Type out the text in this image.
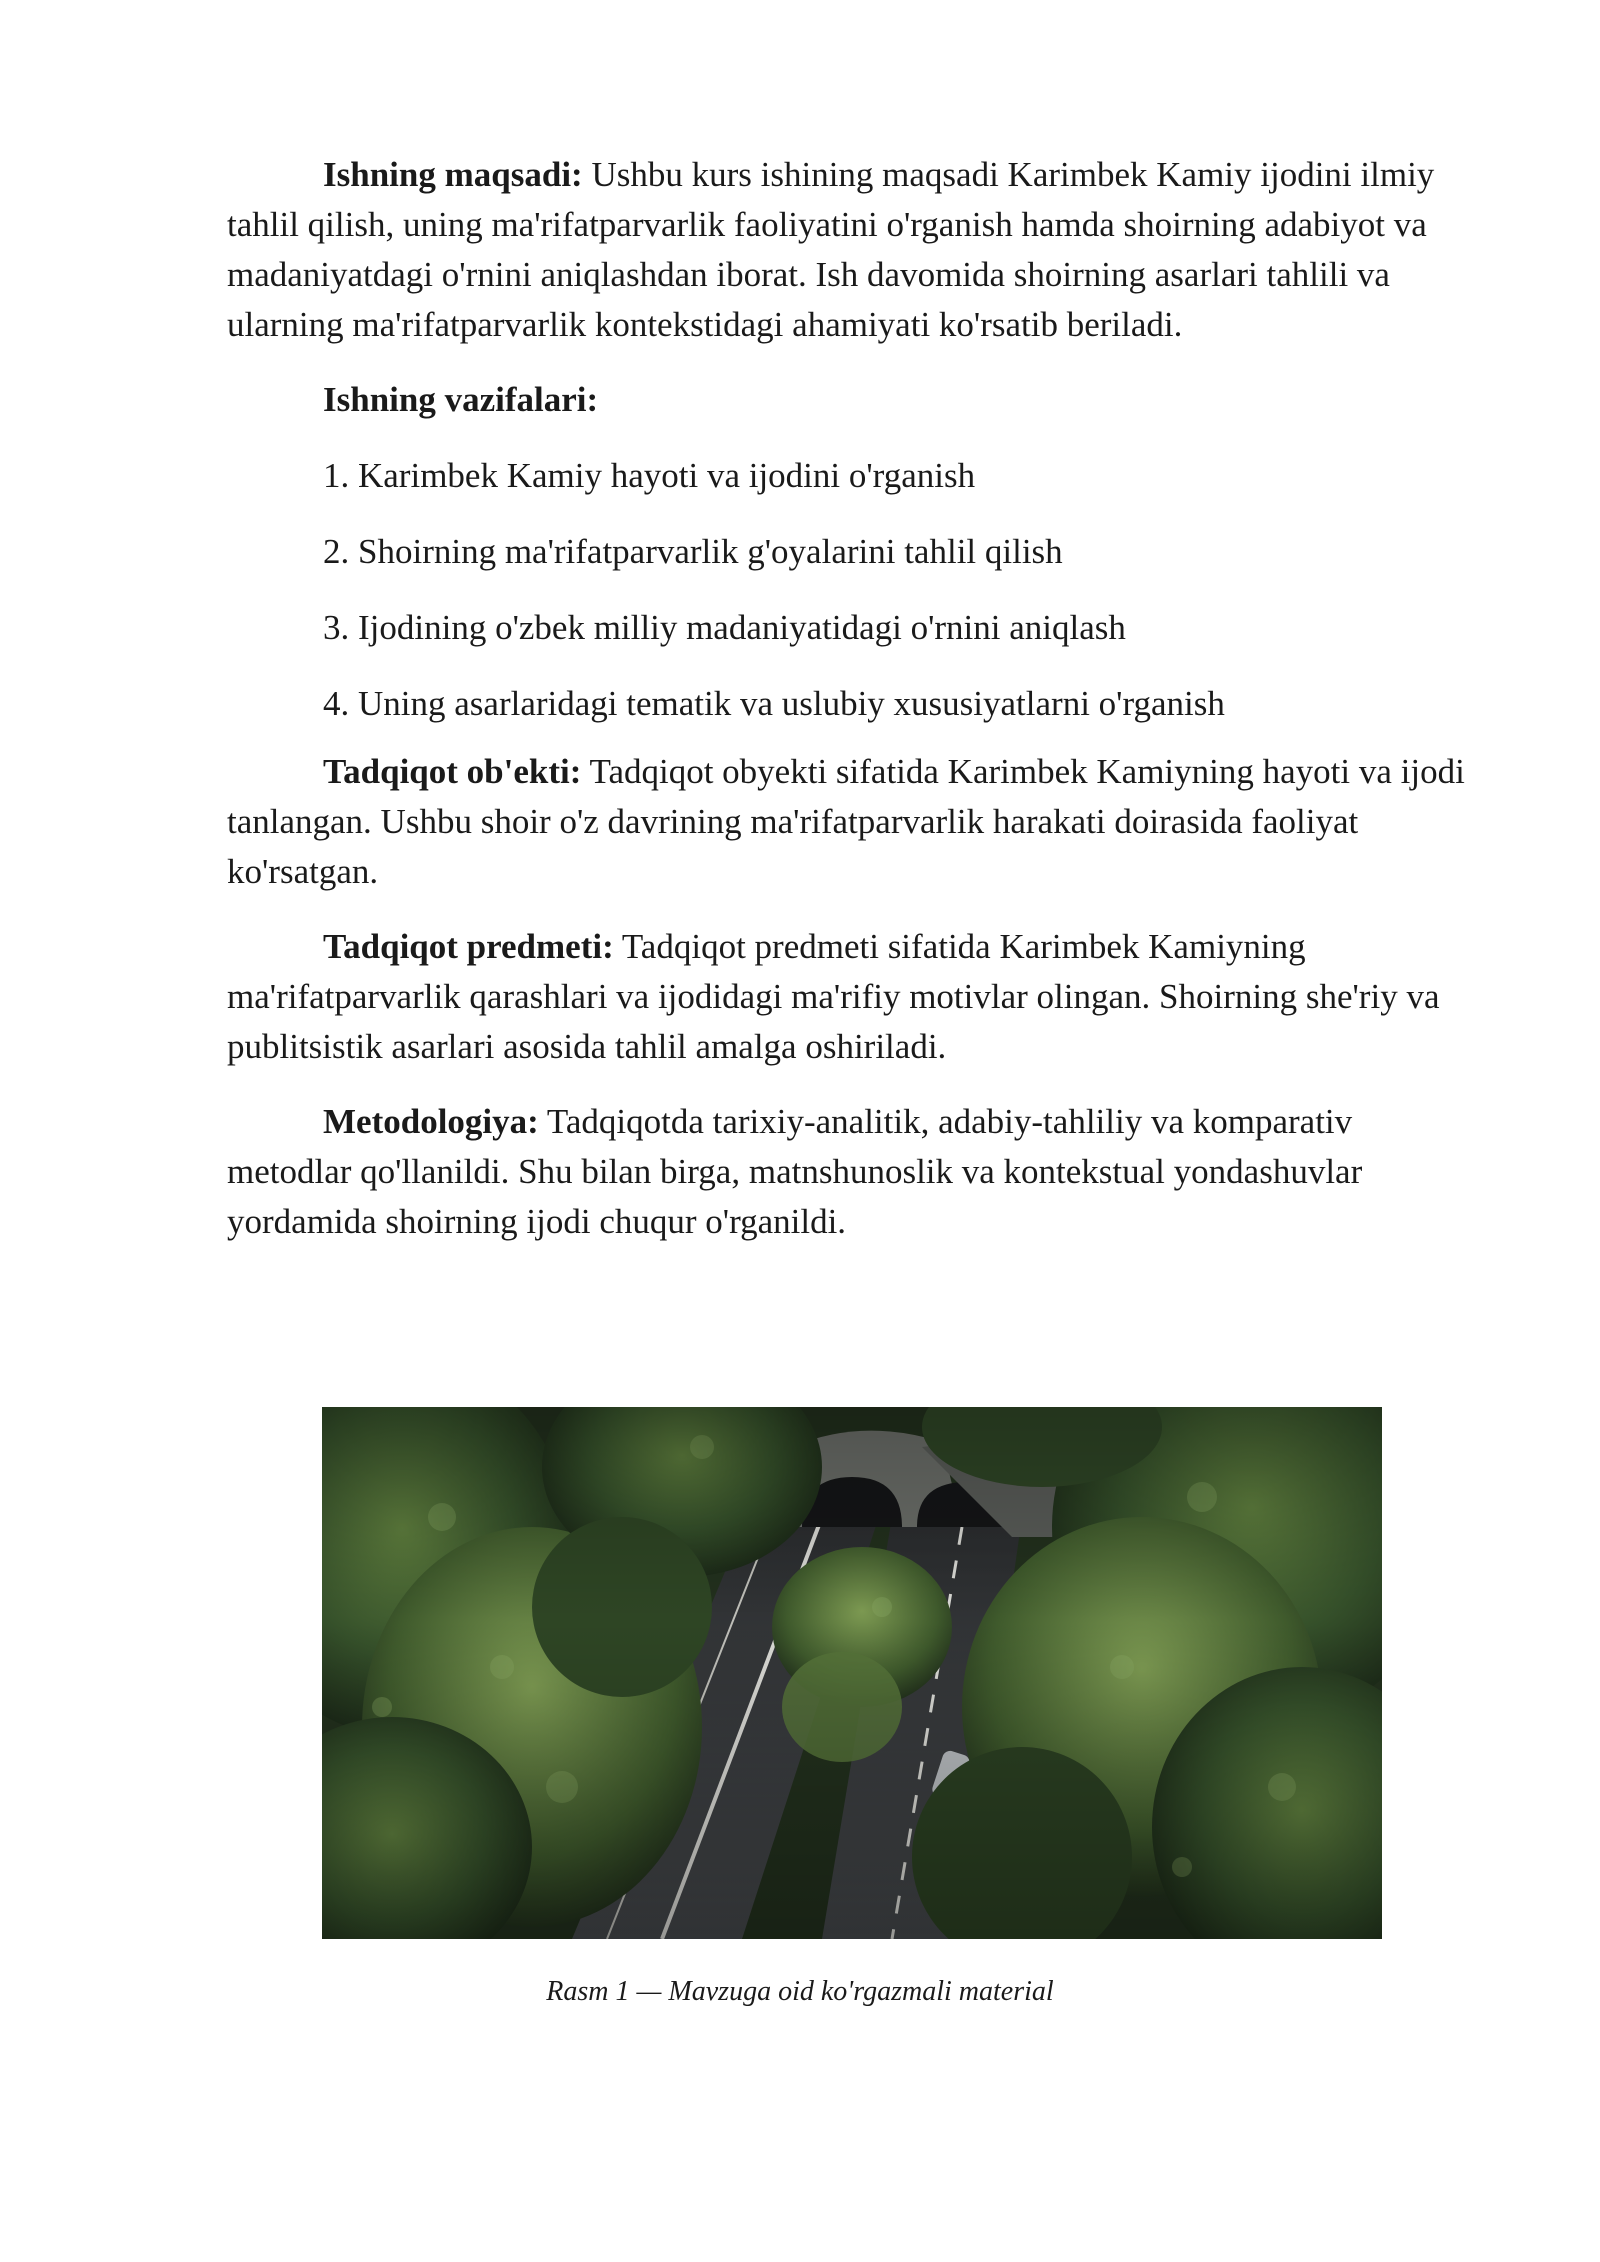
Ishning maqsadi: Ushbu kurs ishining maqsadi Karimbek Kamiy ijodini ilmiy tahlil qilish, uning ma'rifatparvarlik faoliyatini o'rganish hamda shoirning adabiyot va madaniyatdagi o'rnini aniqlashdan iborat. Ish davomida shoirning asarlari tahlili va ularning ma'rifatparvarlik kontekstidagi ahamiyati ko'rsatib beriladi.

Ishning vazifalari:
1. Karimbek Kamiy hayoti va ijodini o'rganish
2. Shoirning ma'rifatparvarlik g'oyalarini tahlil qilish
3. Ijodining o'zbek milliy madaniyatidagi o'rnini aniqlash
4. Uning asarlaridagi tematik va uslubiy xususiyatlarni o'rganish

Tadqiqot ob'ekti: Tadqiqot obyekti sifatida Karimbek Kamiyning hayoti va ijodi tanlangan. Ushbu shoir o'z davrining ma'rifatparvarlik harakati doirasida faoliyat ko'rsatgan.

Tadqiqot predmeti: Tadqiqot predmeti sifatida Karimbek Kamiyning ma'rifatparvarlik qarashlari va ijodidagi ma'rifiy motivlar olingan. Shoirning she'riy va publitsistik asarlari asosida tahlil amalga oshiriladi.

Metodologiya: Tadqiqotda tarixiy-analitik, adabiy-tahliliy va komparativ metodlar qo'llanildi. Shu bilan birga, matnshunoslik va kontekstual yondashuvlar yordamida shoirning ijodi chuqur o'rganildi.

Rasm 1 — Mavzuga oid ko'rgazmali material
